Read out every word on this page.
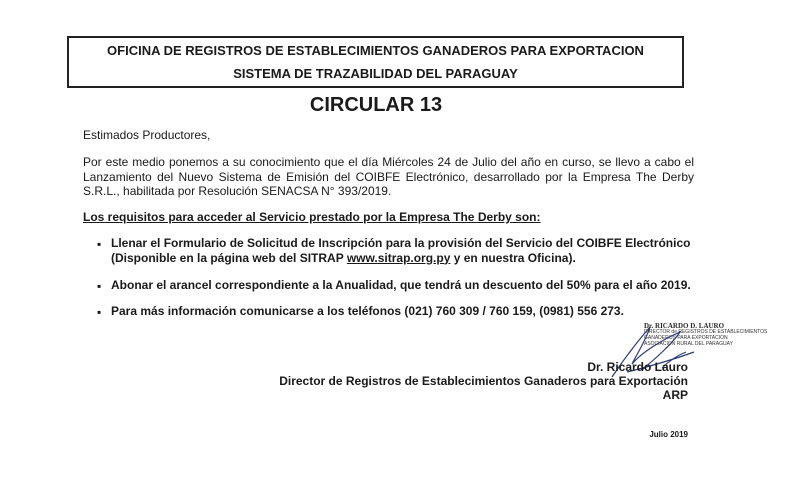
OFICINA DE REGISTROS DE ESTABLECIMIENTOS GANADEROS PARA EXPORTACION
SISTEMA DE TRAZABILIDAD DEL PARAGUAY
CIRCULAR 13
Estimados Productores,
Por este medio ponemos a su conocimiento que el día Miércoles 24 de Julio del año en curso, se llevo a cabo el Lanzamiento del Nuevo Sistema de Emisión del COIBFE Electrónico, desarrollado por la Empresa The Derby S.R.L., habilitada por Resolución SENACSA N° 393/2019.
Los requisitos para acceder al Servicio prestado por la Empresa The Derby son:
▪ Llenar el Formulario de Solicitud de Inscripción para la provisión del Servicio del COIBFE Electrónico
(Disponible en la página web del SITRAP www.sitrap.org.py y en nuestra Oficina).
▪ Abonar el arancel correspondiente a la Anualidad, que tendrá un descuento del 50% para el año 2019.
▪ Para más información comunicarse a los teléfonos (021) 760 309 / 760 159, (0981) 556 273.
Dr. RICARDO D. LAURO
DIRECTOR de REGISTROS DE ESTABLECIMIENTOS
GANADEROS PARA EXPORTACION
ASOCIACION RURAL DEL PARAGUAY
Dr. Ricardo Lauro
Director de Registros de Establecimientos Ganaderos para Exportación
ARP
Julio 2019
